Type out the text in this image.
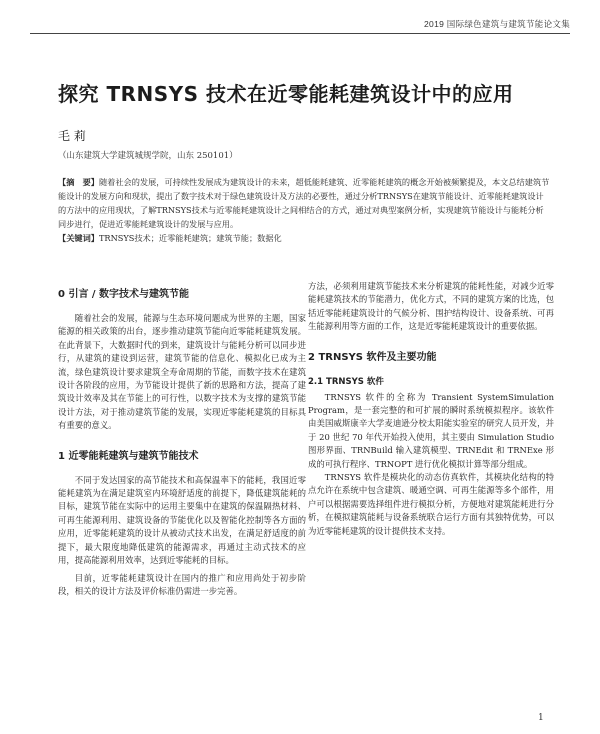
2019 国际绿色建筑与建筑节能论文集
探究 TRNSYS 技术在近零能耗建筑设计中的应用
毛 莉
（山东建筑大学建筑城规学院，山东 250101）

【摘　要】随着社会的发展，可持续性发展成为建筑设计的未来，超低能耗建筑、近零能耗建筑的概念开始被频繁提及，本文总结建筑节能设计的发展方向和现状，提出了数字技术对于绿色建筑设计及方法的必要性，通过分析TRNSYS在建筑节能设计、近零能耗建筑设计的方法中的应用现状，了解TRNSYS技术与近零能耗建筑设计之间相结合的方式，通过对典型案例分析，实现建筑节能设计与能耗分析同步进行，促进近零能耗建筑设计的发展与应用。

【关键词】TRNSYS技术；近零能耗建筑；建筑节能；数据化

0 引言 / 数字技术与建筑节能

随着社会的发展，能源与生态环境问题成为世界的主题，国家能源的相关政策的出台，逐步推动建筑节能向近零能耗建筑发展。在此背景下，大数据时代的到来，建筑设计与能耗分析可以同步进行，从建筑的建设到运营，建筑节能的信息化、模拟化已成为主流，绿色建筑设计要求建筑全寿命周期的节能，而数字技术在建筑设计各阶段的应用，为节能设计提供了新的思路和方法，提高了建筑设计效率及其在节能上的可行性，以数字技术为支撑的建筑节能设计方法，对于推动建筑节能的发展，实现近零能耗建筑的目标具有重要的意义。

1 近零能耗建筑与建筑节能技术

不同于发达国家的高节能技术和高保温率下的能耗，我国近零能耗建筑为在满足建筑室内环境舒适度的前提下，降低建筑能耗的目标，建筑节能在实际中的运用主要集中在建筑的保温隔热材料、可再生能源利用、建筑设备的节能优化以及智能化控制等各方面的应用，近零能耗建筑的设计从被动式技术出发，在满足舒适度的前提下，最大限度地降低建筑的能源需求，再通过主动式技术的应用，提高能源利用效率，达到近零能耗的目标。

目前，近零能耗建筑设计在国内的推广和应用尚处于初步阶段，相关的设计方法及评价标准仍需进一步完善。

方法，必须利用建筑节能技术来分析建筑的能耗性能，对减少近零能耗建筑技术的节能潜力，优化方式，不同的建筑方案的比选，包括近零能耗建筑设计的气候分析、围护结构设计、设备系统、可再生能源利用等方面的工作，这是近零能耗建筑设计的重要依据。

2 TRNSYS 软件及主要功能
2.1 TRNSYS 软件

TRNSYS 软件的全称为 Transient SystemSimulation Program，是一套完整的和可扩展的瞬时系统模拟程序。该软件由美国威斯康辛大学麦迪逊分校太阳能实验室的研究人员开发，并于 20 世纪 70 年代开始投入使用，其主要由 Simulation Studio 图形界面、TRNBuild 输入建筑模型、TRNEdit 和 TRNExe 形成的可执行程序、TRNOPT 进行优化模拟计算等部分组成。

TRNSYS 软件是模块化的动态仿真软件，其模块化结构的特点允许在系统中包含建筑、暖通空调、可再生能源等多个部件，用户可以根据需要选择组件进行模拟分析，方便地对建筑能耗进行分析，在模拟建筑能耗与设备系统联合运行方面有其独特优势，可以为近零能耗建筑的设计提供技术支持。

1
